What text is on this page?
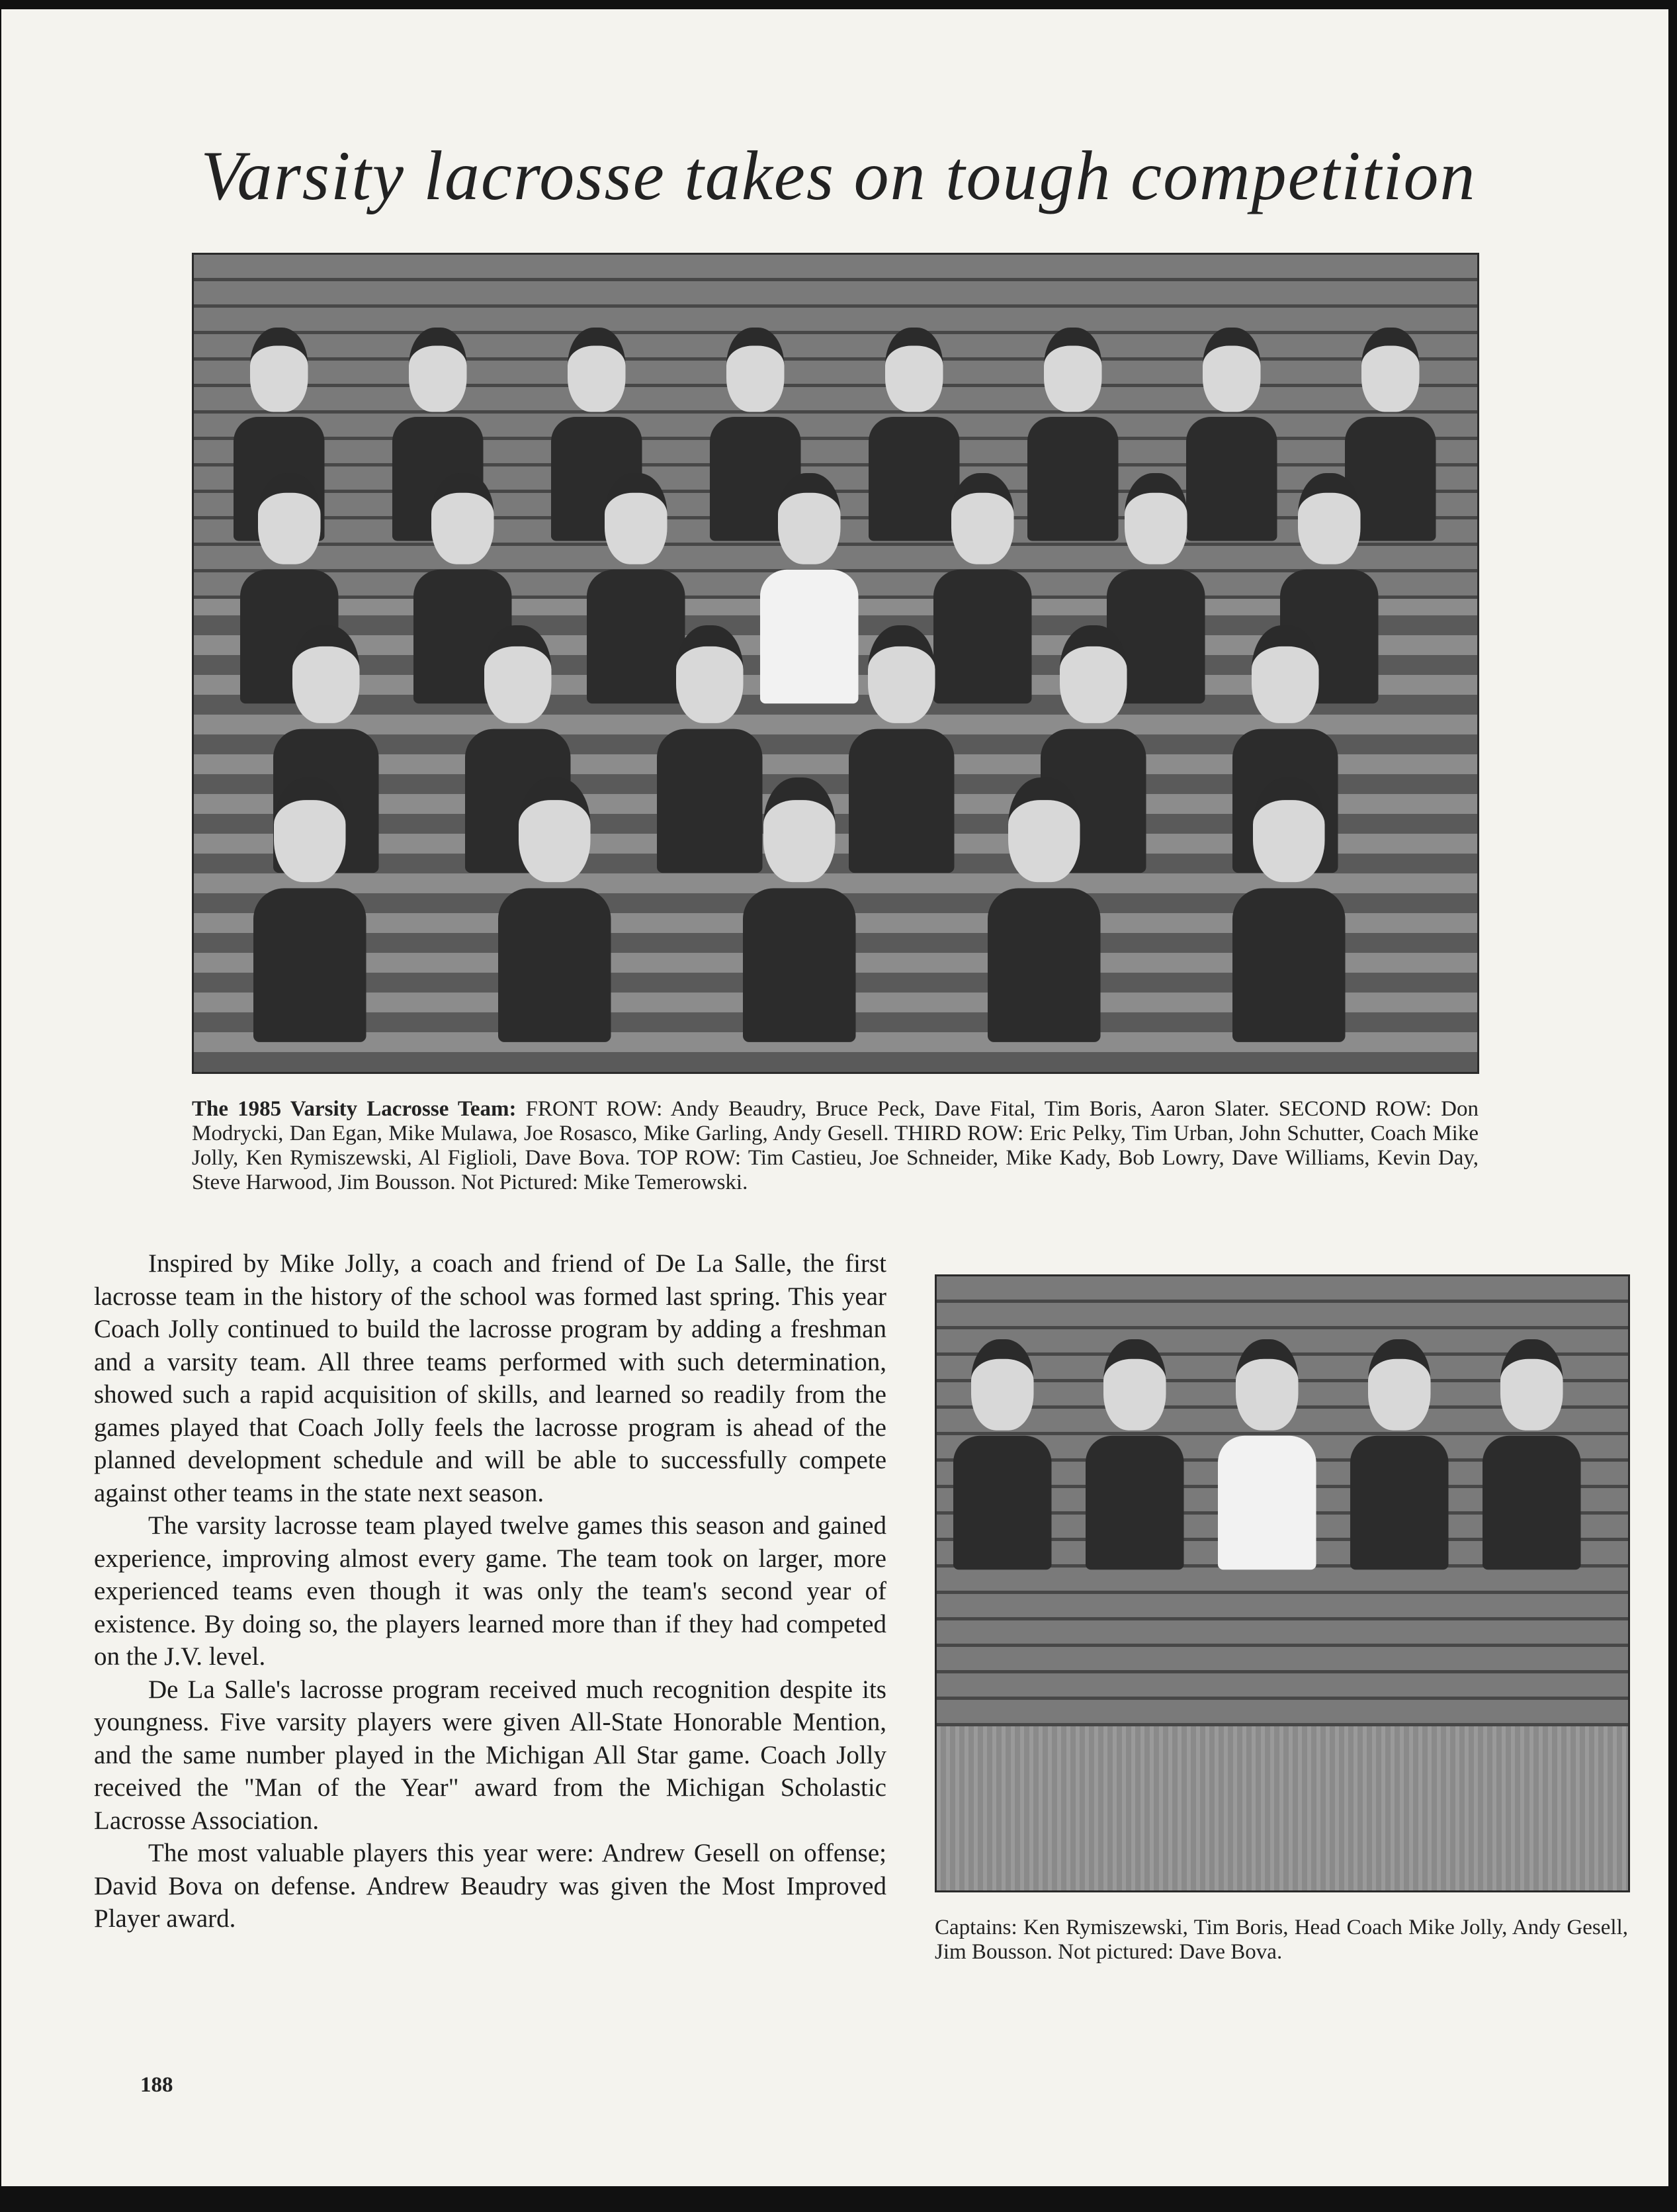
Varsity lacrosse takes on tough competition
The 1985 Varsity Lacrosse Team: FRONT ROW: Andy Beaudry, Bruce Peck, Dave Fital, Tim Boris, Aaron Slater. SECOND ROW: Don Modrycki, Dan Egan, Mike Mulawa, Joe Rosasco, Mike Garling, Andy Gesell. THIRD ROW: Eric Pelky, Tim Urban, John Schutter, Coach Mike Jolly, Ken Rymiszewski, Al Figlioli, Dave Bova. TOP ROW: Tim Castieu, Joe Schneider, Mike Kady, Bob Lowry, Dave Williams, Kevin Day, Steve Harwood, Jim Bousson. Not Pictured: Mike Temerowski.

Inspired by Mike Jolly, a coach and friend of De La Salle, the first lacrosse team in the history of the school was formed last spring. This year Coach Jolly continued to build the lacrosse program by adding a freshman and a varsity team. All three teams performed with such determination, showed such a rapid acquisition of skills, and learned so readily from the games played that Coach Jolly feels the lacrosse program is ahead of the planned development schedule and will be able to successfully compete against other teams in the state next season.

The varsity lacrosse team played twelve games this season and gained experience, improving almost every game. The team took on larger, more experienced teams even though it was only the team's second year of existence. By doing so, the players learned more than if they had competed on the J.V. level.

De La Salle's lacrosse program received much recognition despite its youngness. Five varsity players were given All-State Honorable Mention, and the same number played in the Michigan All Star game. Coach Jolly received the "Man of the Year" award from the Michigan Scholastic Lacrosse Association.

The most valuable players this year were: Andrew Gesell on offense; David Bova on defense. Andrew Beaudry was given the Most Improved Player award.	Captains: Ken Rymiszewski, Tim Boris, Head Coach Mike Jolly, Andy Gesell, Jim Bousson. Not pictured: Dave Bova.
188
